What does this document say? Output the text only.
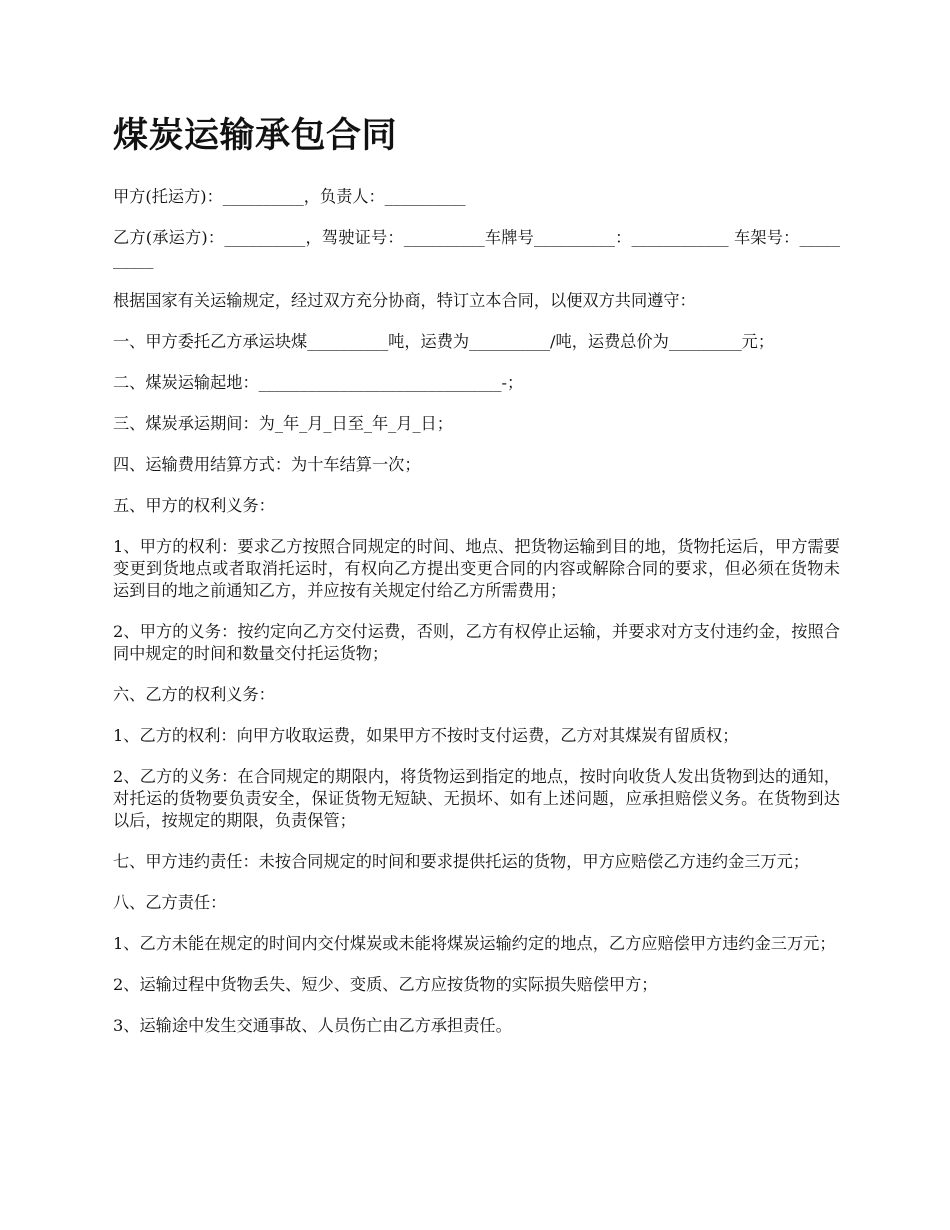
煤炭运输承包合同

甲方(托运方)：__________，负责人：__________

乙方(承运方)：__________，驾驶证号：__________车牌号__________：____________ 车架号：__________

根据国家有关运输规定，经过双方充分协商，特订立本合同，以便双方共同遵守：

一、甲方委托乙方承运块煤__________吨，运费为__________/吨，运费总价为_________元；

二、煤炭运输起地：______________________________-；

三、煤炭承运期间：为_年_月_日至_年_月_日；

四、运输费用结算方式：为十车结算一次；

五、甲方的权利义务：

1、甲方的权利：要求乙方按照合同规定的时间、地点、把货物运输到目的地，货物托运后，甲方需要变更到货地点或者取消托运时，有权向乙方提出变更合同的内容或解除合同的要求，但必须在货物未运到目的地之前通知乙方，并应按有关规定付给乙方所需费用；

2、甲方的义务：按约定向乙方交付运费，否则，乙方有权停止运输，并要求对方支付违约金，按照合同中规定的时间和数量交付托运货物；

六、乙方的权利义务：

1、乙方的权利：向甲方收取运费，如果甲方不按时支付运费，乙方对其煤炭有留质权；

2、乙方的义务：在合同规定的期限内，将货物运到指定的地点，按时向收货人发出货物到达的通知，对托运的货物要负责安全，保证货物无短缺、无损坏、如有上述问题，应承担赔偿义务。在货物到达以后，按规定的期限，负责保管；

七、甲方违约责任：未按合同规定的时间和要求提供托运的货物，甲方应赔偿乙方违约金三万元；

八、乙方责任：

1、乙方未能在规定的时间内交付煤炭或未能将煤炭运输约定的地点，乙方应赔偿甲方违约金三万元；

2、运输过程中货物丢失、短少、变质、乙方应按货物的实际损失赔偿甲方；

3、运输途中发生交通事故、人员伤亡由乙方承担责任。
